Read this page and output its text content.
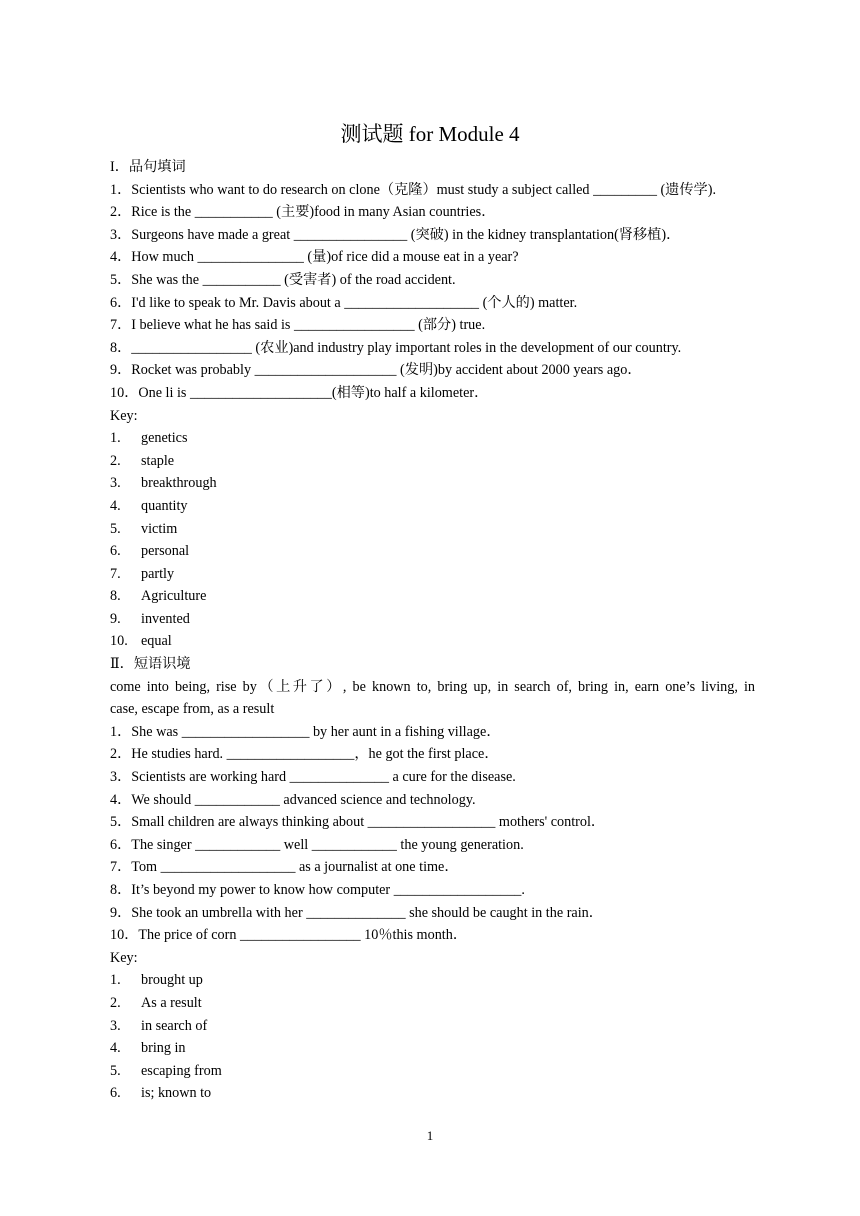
测试题 for Module 4
I．品句填词
1．Scientists who want to do research on clone（克隆）must study a subject called _________ (遗传学).
2．Rice is the ___________ (主要)food in many Asian countries．
3．Surgeons have made a great ________________ (突破) in the kidney transplantation(肾移植)．
4．How much _______________ (量)of rice did a mouse eat in a year?
5．She was the ___________ (受害者) of the road accident.
6．I'd like to speak to Mr. Davis about a ___________________ (个人的) matter.
7．I believe what he has said is _________________ (部分) true.
8．_________________ (农业)and industry play important roles in the development of our country.
9．Rocket was probably ____________________ (发明)by accident about 2000 years ago．
10．One li is ____________________(相等)to half a kilometer．
Key:
1.	genetics
2.	staple
3.	breakthrough
4.	quantity
5.	victim
6.	personal
7.	partly
8.	Agriculture
9.	invented
10. equal
Ⅱ．短语识境
come into being, rise by（上升了）, be known to, bring up, in search of, bring in, earn one’s living, in
case, escape from, as a result
1．She was __________________ by her aunt in a fishing village．
2．He studies hard. __________________，he got the first place．
3．Scientists are working hard ______________ a cure for the disease.
4．We should ____________ advanced science and technology.
5．Small children are always thinking about __________________ mothers' control．
6．The singer ____________ well ____________ the young generation.
7．Tom ___________________ as a journalist at one time．
8．It’s beyond my power to know how computer __________________.
9．She took an umbrella with her ______________ she should be caught in the rain．
10．The price of corn _________________ 10％this month．
Key:
1.	brought up
2.	As a result
3.	in search of
4.	bring in
5.	escaping from
6.	is; known to
1
